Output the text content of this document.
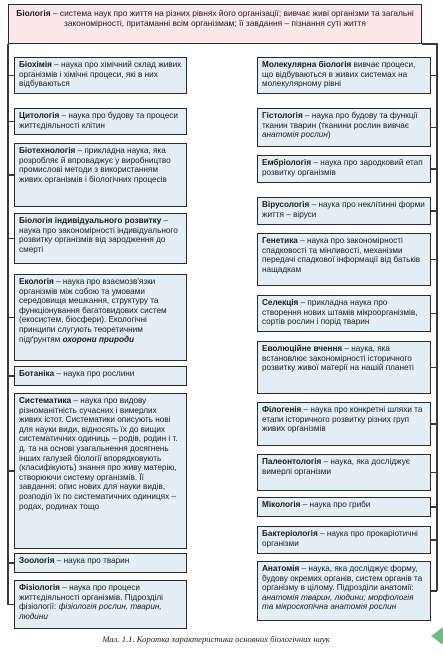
Біологія – система наук про життя на різних рівнях його організації; вивчає живі організми та загальні закономірності, притаманні всім організмам; її завдання – пізнання суті життя
Біохімія – наука про хімічний склад живих організмів і хімічні процеси, які в них відбуваються
Цитологія – наука про будову та процеси життєдіяльності клітин
Біотехнологія – прикладна наука, яка розробляє й впроваджує у виробництво промислові методи з використанням живих організмів і біологічних процесів
Біологія індивідуального розвитку – наука про закономірності індивідуального розвитку організмів від зародження до смерті
Екологія – наука про взаємозв'язки організмів між собою та умовами середовища мешкання, структуру та функціонування багатовидових систем (екосистем, біосфери). Екологічні принципи слугують теоретичним підґрунтям охорони природи
Ботаніка – наука про рослини
Систематика – наука про видову різноманітність сучасних і вимерлих живих істот. Систематики описують нові для науки види, відносять їх до вищих систематичних одиниць – родів, родин і т. д. та на основі узагальнення досягнень інших галузей біології впорядковують (класифікують) знання про живу матерію, створюючи систему організмів. Її завдання: опис нових для науки видів, розподіл їх по систематичних одиницях – родах, родинах тощо
Зоологія – наука про тварин
Фізіологія – наука про процеси життєдіяльності організмів. Підрозділі фізіології: фізіологія рослин, тварин, людини
Молекулярна біологія вивчає процеси, що відбуваються в живих системах на молекулярному рівні
Гістологія – наука про будову та функції тканин тварин (тканини рослин вивчає анатомія рослин)
Ембріологія – наука про зародковий етап розвитку організмів
Вірусологія – наука про неклітинні форми життя – віруси
Генетика – наука про закономірності спадковості та мінливості, механізми передачі спадкової інформації від батьків нащадкам
Селекція – прикладна наука про створення нових штамів мікроорганізмів, сортів рослин і порід тварин
Еволюційне вчення – наука, яка встановлює закономірності історичного розвитку живої матерії на нашій планеті
Філогенія – наука про конкретні шляхи та етапи історичного розвитку різних груп живих організмів
Палеонтологія – наука, яка досліджує вимерлі організми
Мікологія – наука про гриби
Бактеріологія – наука про прокаріотичні організми
Анатомія – наука, яка досліджує форму, будову окремих органів, систем органів та організму в цілому. Підрозділи анатомії: анатомія тварин, людини; морфологія та мікроскопічна анатомія рослин
Мал. 1.1. Коротка характеристика основних біологічних наук
